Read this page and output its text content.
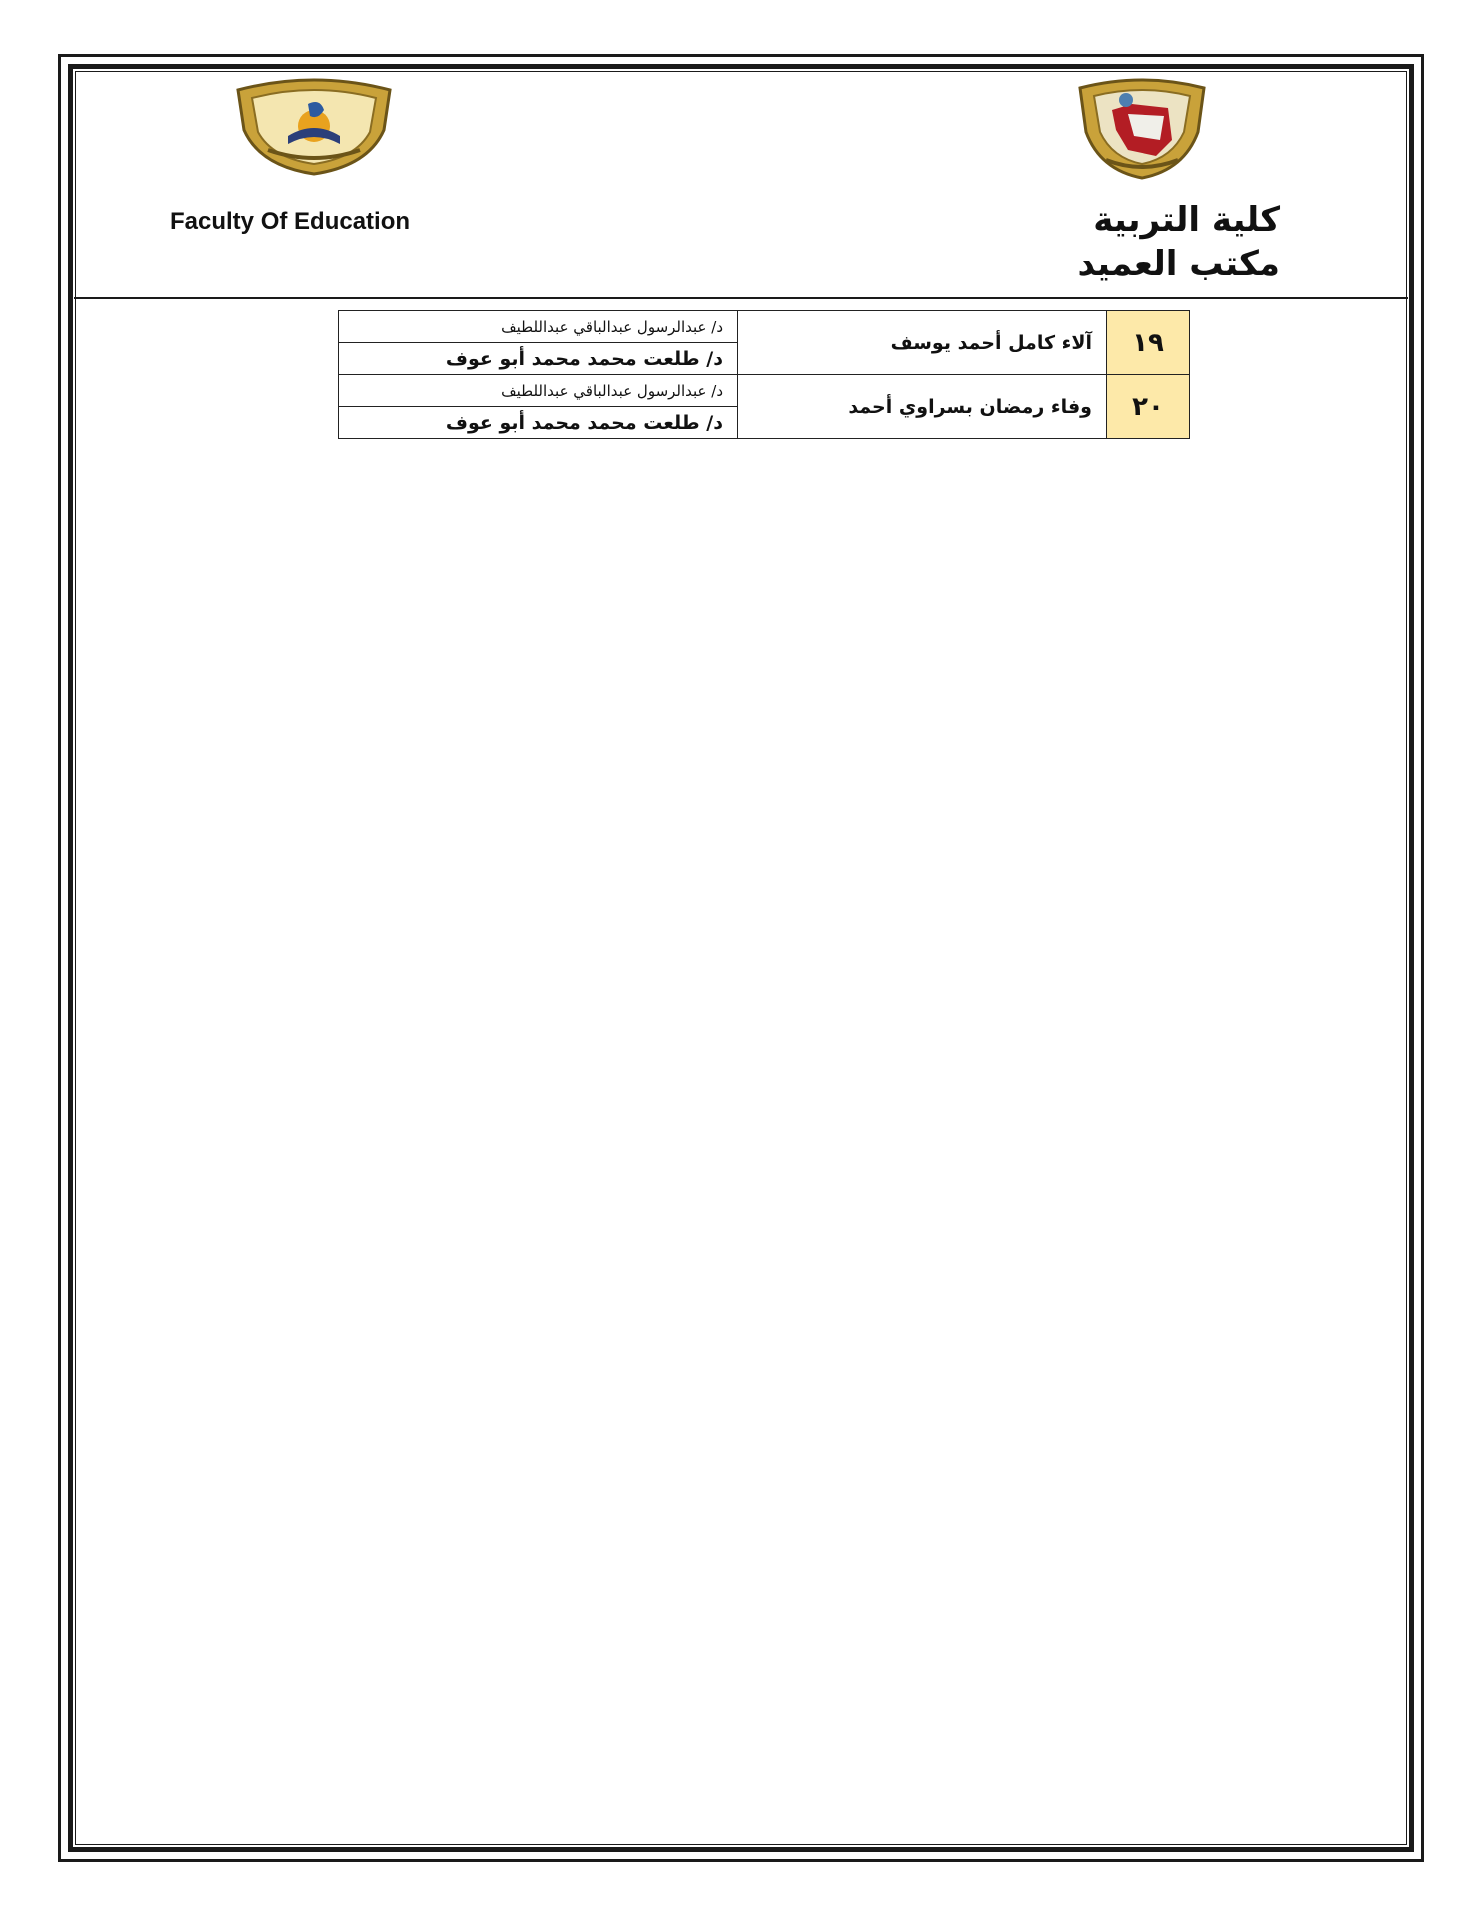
Faculty Of Education	كلية التربية
مكتب العميد
١٩	آلاء كامل أحمد يوسف	د/ عبدالرسول عبدالباقي عبداللطيف
		د/ طلعت محمد محمد أبو عوف
٢٠	وفاء رمضان بسراوي أحمد	د/ عبدالرسول عبدالباقي عبداللطيف
		د/ طلعت محمد محمد أبو عوف
